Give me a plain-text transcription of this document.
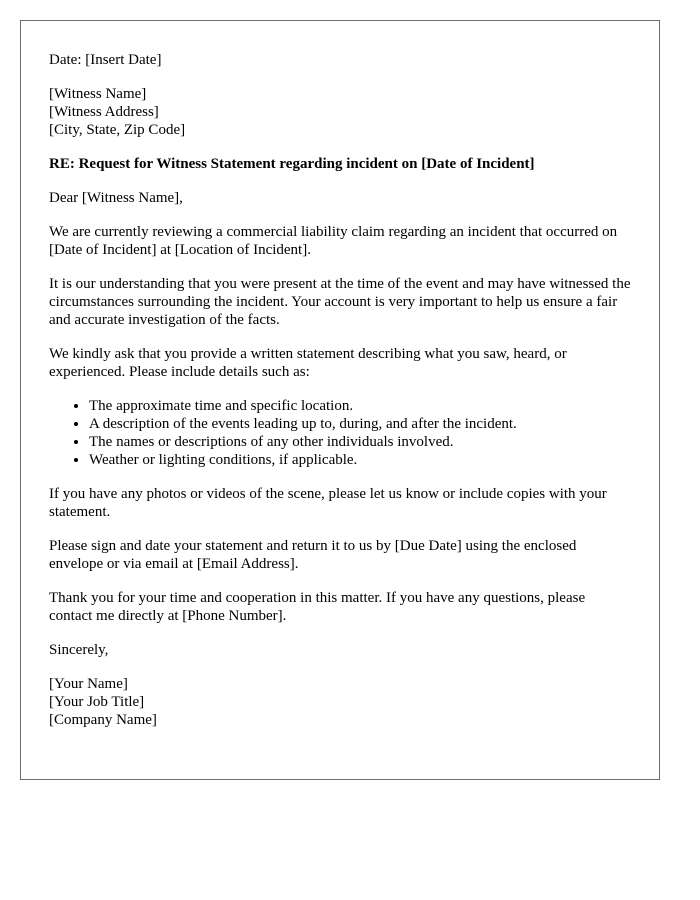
Date: [Insert Date]

[Witness Name]
[Witness Address]
[City, State, Zip Code]

RE: Request for Witness Statement regarding incident on [Date of Incident]

Dear [Witness Name],

We are currently reviewing a commercial liability claim regarding an incident that occurred on [Date of Incident] at [Location of Incident].

It is our understanding that you were present at the time of the event and may have witnessed the circumstances surrounding the incident. Your account is very important to help us ensure a fair and accurate investigation of the facts.

We kindly ask that you provide a written statement describing what you saw, heard, or experienced. Please include details such as:

• The approximate time and specific location.
• A description of the events leading up to, during, and after the incident.
• The names or descriptions of any other individuals involved.
• Weather or lighting conditions, if applicable.

If you have any photos or videos of the scene, please let us know or include copies with your statement.

Please sign and date your statement and return it to us by [Due Date] using the enclosed envelope or via email at [Email Address].

Thank you for your time and cooperation in this matter. If you have any questions, please contact me directly at [Phone Number].

Sincerely,

[Your Name]
[Your Job Title]
[Company Name]
